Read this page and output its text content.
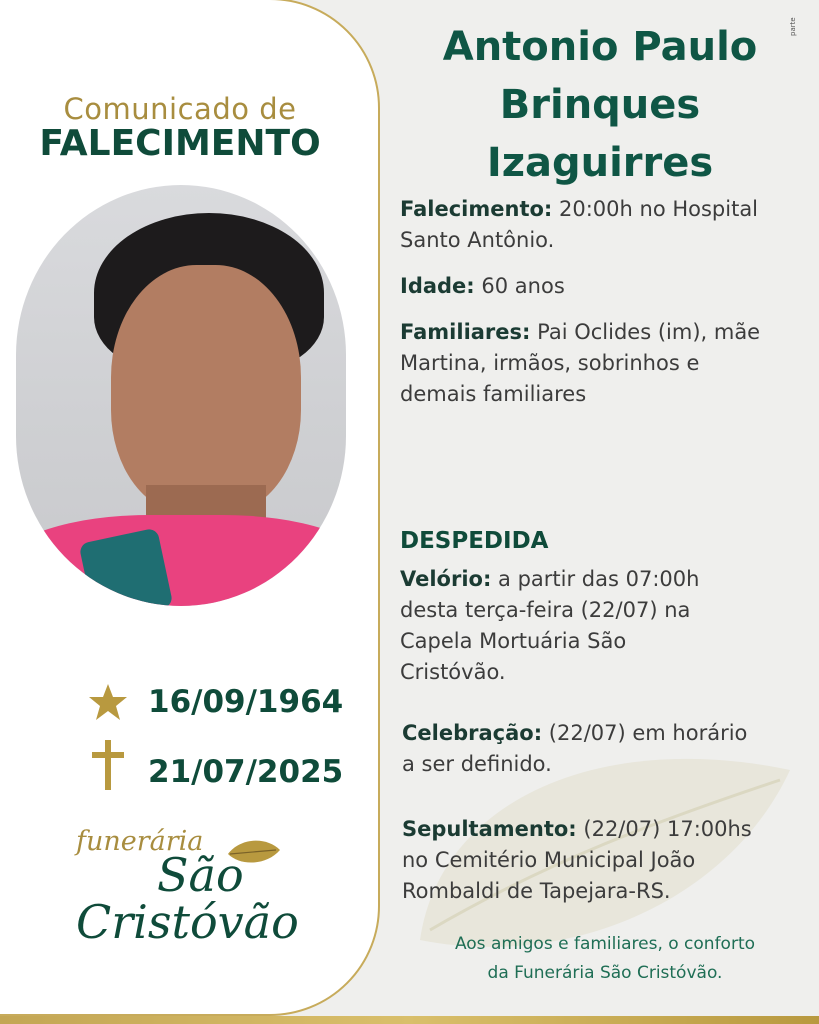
Comunicado de
FALECIMENTO
16/09/1964
21/07/2025
funerária
São
Cristóvão
parte
Antonio Paulo
Brinques
Izaguirres
Falecimento: 20:00h no Hospital
Santo Antônio.
Idade: 60 anos
Familiares: Pai Oclides (im), mãe
Martina, irmãos, sobrinhos e
demais familiares
DESPEDIDA
Velório: a partir das 07:00h
desta terça-feira (22/07) na
Capela Mortuária São
Cristóvão.
Celebração: (22/07) em horário
a ser definido.
Sepultamento: (22/07) 17:00hs
no Cemitério Municipal João
Rombaldi de Tapejara-RS.
Aos amigos e familiares, o conforto
da Funerária São Cristóvão.
